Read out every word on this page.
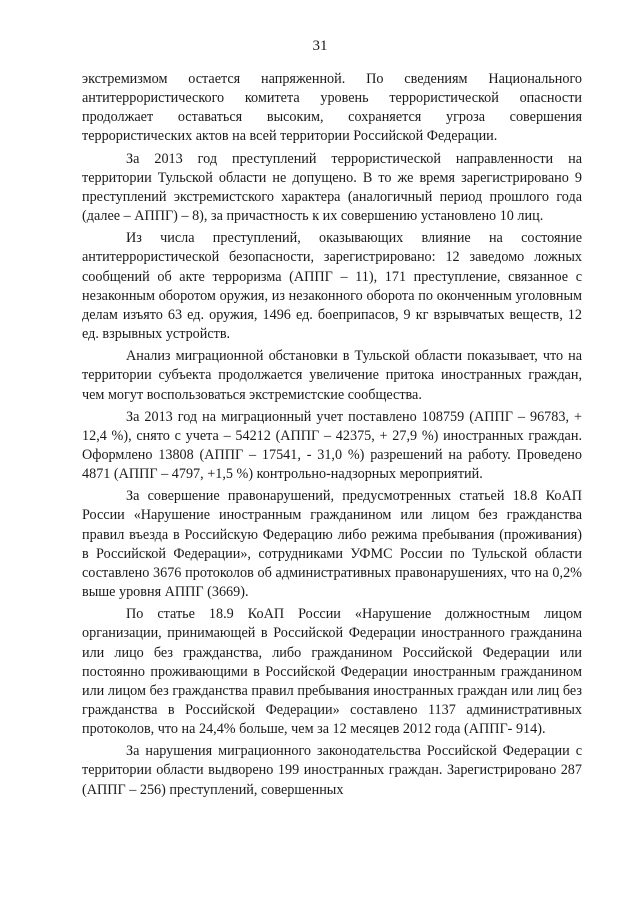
31

экстремизмом остается напряженной. По сведениям Национального антитеррористического комитета уровень террористической опасности продолжает оставаться высоким, сохраняется угроза совершения террористических актов на всей территории Российской Федерации.

За 2013 год преступлений террористической направленности на территории Тульской области не допущено. В то же время зарегистрировано 9 преступлений экстремистского характера (аналогичный период прошлого года (далее – АППГ) – 8), за причастность к их совершению установлено 10 лиц.

Из числа преступлений, оказывающих влияние на состояние антитеррористической безопасности, зарегистрировано: 12 заведомо ложных сообщений об акте терроризма (АППГ – 11), 171 преступление, связанное с незаконным оборотом оружия, из незаконного оборота по оконченным уголовным делам изъято 63 ед. оружия, 1496 ед. боеприпасов, 9 кг взрывчатых веществ, 12 ед. взрывных устройств.

Анализ миграционной обстановки в Тульской области показывает, что на территории субъекта продолжается увеличение притока иностранных граждан, чем могут воспользоваться экстремистские сообщества.

За 2013 год на миграционный учет поставлено 108759 (АППГ – 96783, + 12,4 %), снято с учета – 54212 (АППГ – 42375, + 27,9 %) иностранных граждан. Оформлено 13808 (АППГ – 17541, - 31,0 %) разрешений на работу. Проведено 4871 (АППГ – 4797, +1,5 %) контрольно-надзорных мероприятий.

За совершение правонарушений, предусмотренных статьей 18.8 КоАП России «Нарушение иностранным гражданином или лицом без гражданства правил въезда в Российскую Федерацию либо режима пребывания (проживания) в Российской Федерации», сотрудниками УФМС России по Тульской области составлено 3676 протоколов об административных правонарушениях, что на 0,2% выше уровня АППГ (3669).

По статье 18.9 КоАП России «Нарушение должностным лицом организации, принимающей в Российской Федерации иностранного гражданина или лицо без гражданства, либо гражданином Российской Федерации или постоянно проживающими в Российской Федерации иностранным гражданином или лицом без гражданства правил пребывания иностранных граждан или лиц без гражданства в Российской Федерации» составлено 1137 административных протоколов, что на 24,4% больше, чем за 12 месяцев 2012 года (АППГ- 914).

За нарушения миграционного законодательства Российской Федерации с территории области выдворено 199 иностранных граждан. Зарегистрировано 287 (АППГ – 256) преступлений, совершенных
